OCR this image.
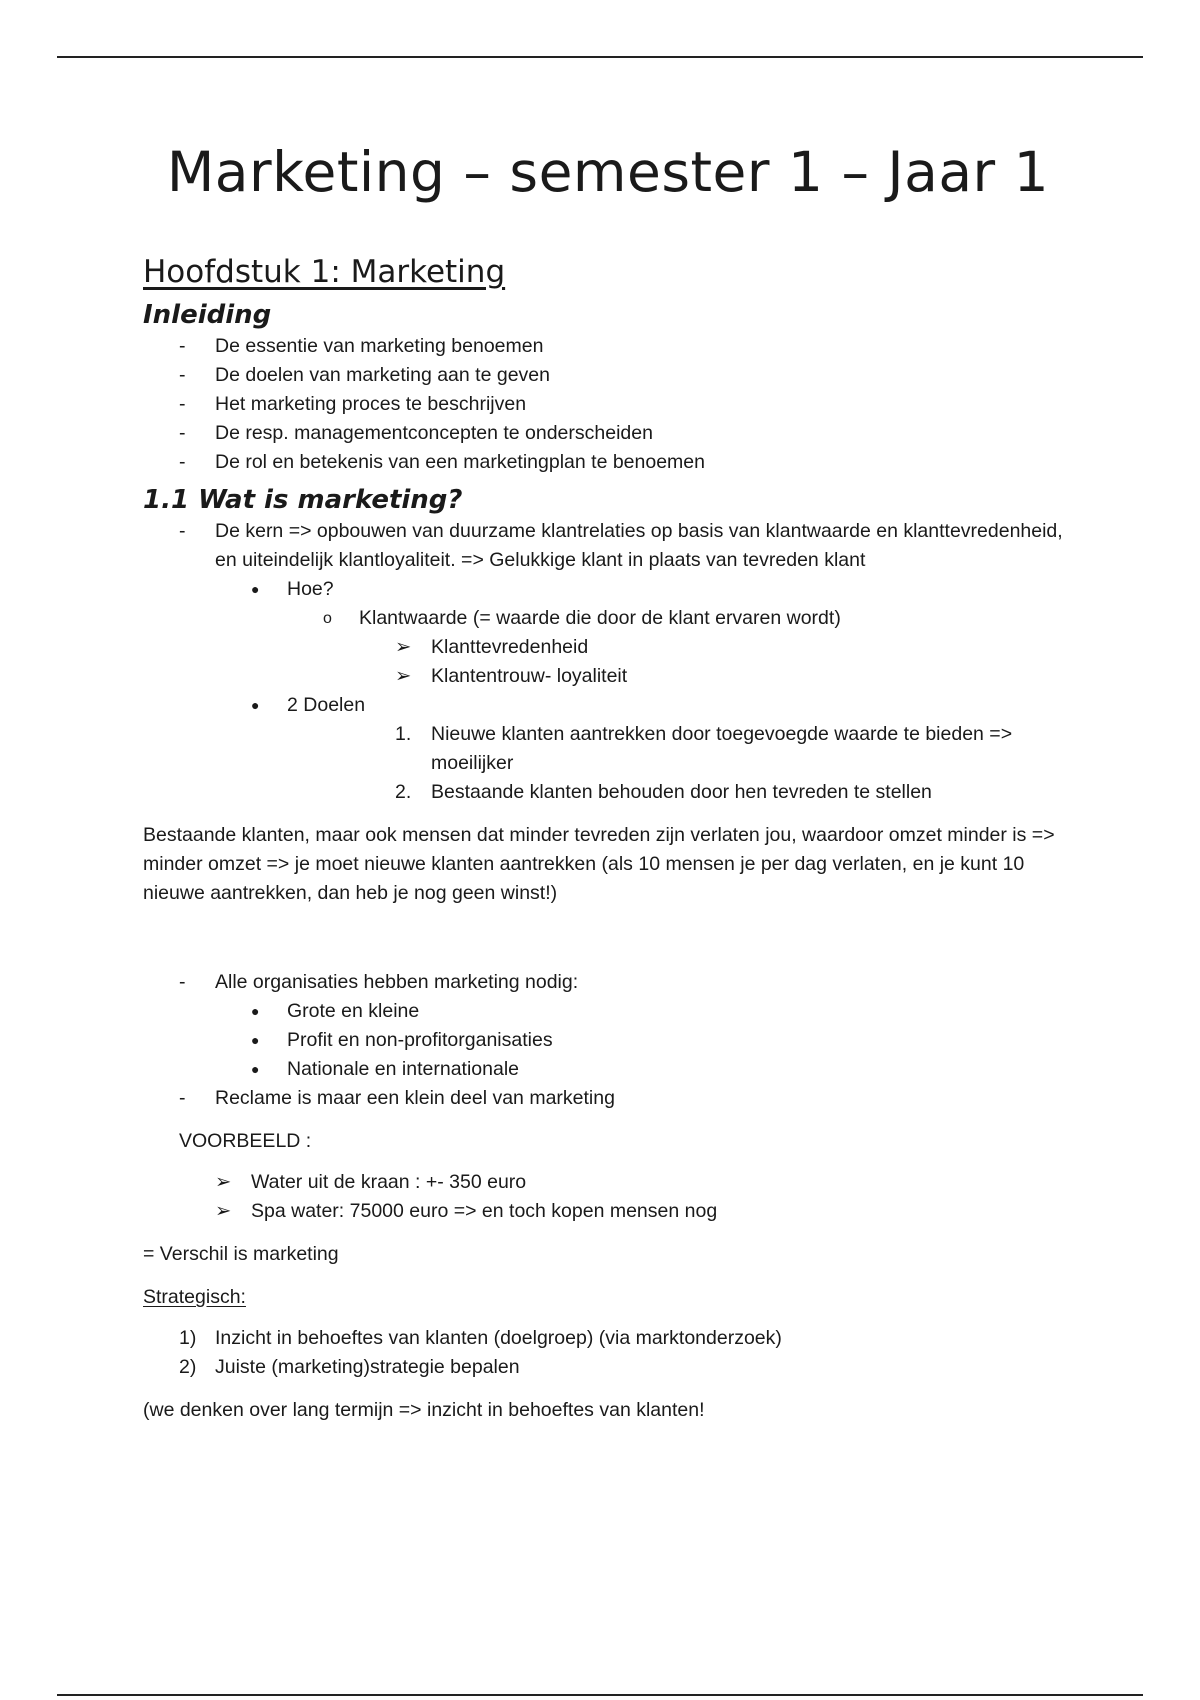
Marketing – semester 1 – Jaar 1
Hoofdstuk 1: Marketing
Inleiding
- De essentie van marketing benoemen
- De doelen van marketing aan te geven
- Het marketing proces te beschrijven
- De resp. managementconcepten te onderscheiden
- De rol en betekenis van een marketingplan te benoemen
1.1 Wat is marketing?
- De kern => opbouwen van duurzame klantrelaties op basis van klantwaarde en klanttevredenheid, en uiteindelijk klantloyaliteit. => Gelukkige klant in plaats van tevreden klant
● Hoe?
o Klantwaarde (= waarde die door de klant ervaren wordt)
➢ Klanttevredenheid
➢ Klantentrouw- loyaliteit
● 2 Doelen
1. Nieuwe klanten aantrekken door toegevoegde waarde te bieden => moeilijker
2. Bestaande klanten behouden door hen tevreden te stellen

Bestaande klanten, maar ook mensen dat minder tevreden zijn verlaten jou, waardoor omzet minder is => minder omzet => je moet nieuwe klanten aantrekken (als 10 mensen je per dag verlaten, en je kunt 10 nieuwe aantrekken, dan heb je nog geen winst!)

- Alle organisaties hebben marketing nodig:
● Grote en kleine
● Profit en non-profitorganisaties
● Nationale en internationale
- Reclame is maar een klein deel van marketing

VOORBEELD :

➢ Water uit de kraan : +- 350 euro
➢ Spa water: 75000 euro => en toch kopen mensen nog

= Verschil is marketing

Strategisch:

1) Inzicht in behoeftes van klanten (doelgroep) (via marktonderzoek)
2) Juiste (marketing)strategie bepalen

(we denken over lang termijn => inzicht in behoeftes van klanten!
